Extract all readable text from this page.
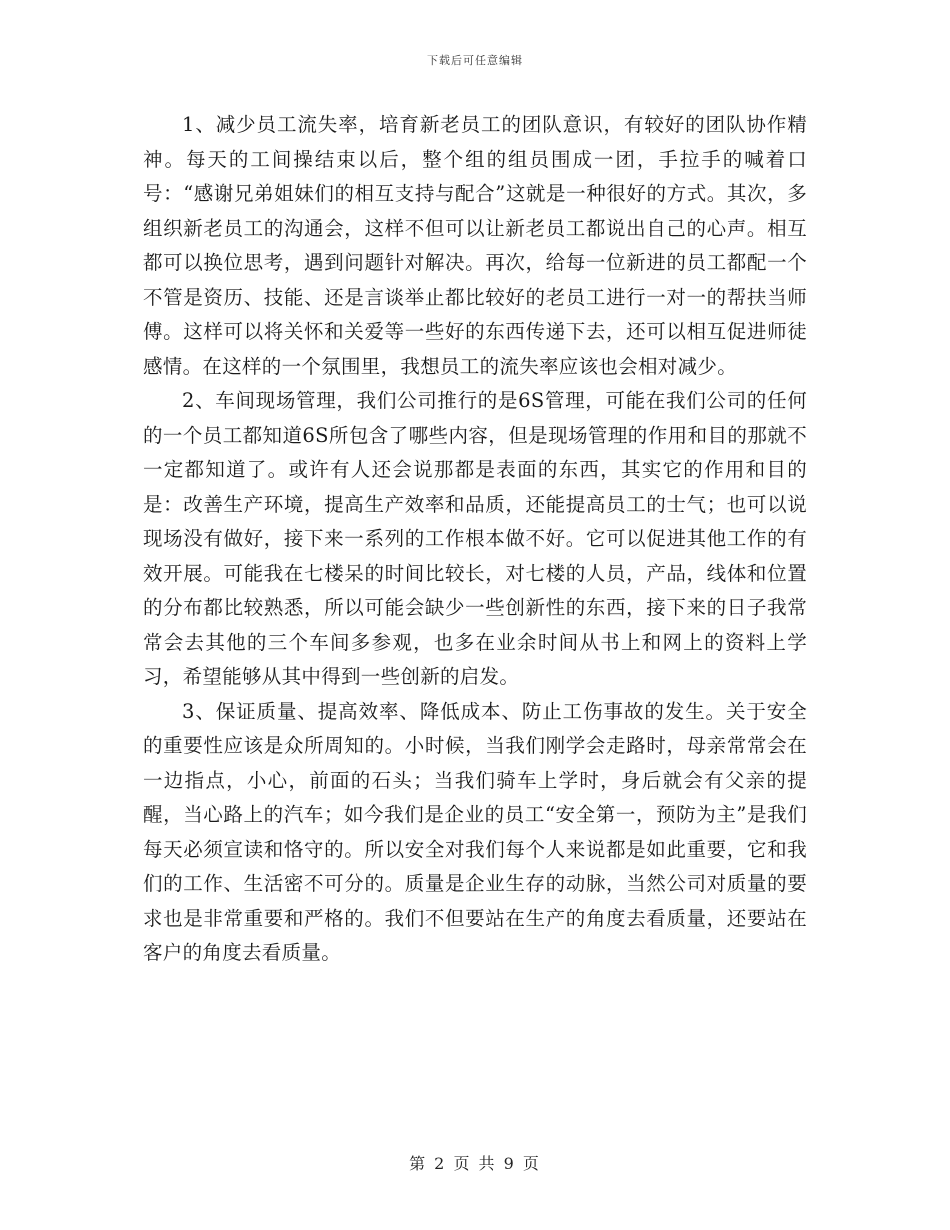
下载后可任意编辑

1、减少员工流失率，培育新老员工的团队意识，有较好的团队协作精神。每天的工间操结束以后，整个组的组员围成一团，手拉手的喊着口号：“感谢兄弟姐妹们的相互支持与配合”这就是一种很好的方式。其次，多组织新老员工的沟通会，这样不但可以让新老员工都说出自己的心声。相互都可以换位思考，遇到问题针对解决。再次，给每一位新进的员工都配一个不管是资历、技能、还是言谈举止都比较好的老员工进行一对一的帮扶当师傅。这样可以将关怀和关爱等一些好的东西传递下去，还可以相互促进师徒感情。在这样的一个氛围里，我想员工的流失率应该也会相对减少。

2、车间现场管理，我们公司推行的是6S管理，可能在我们公司的任何的一个员工都知道6S所包含了哪些内容，但是现场管理的作用和目的那就不一定都知道了。或许有人还会说那都是表面的东西，其实它的作用和目的是：改善生产环境，提高生产效率和品质，还能提高员工的士气；也可以说现场没有做好，接下来一系列的工作根本做不好。它可以促进其他工作的有效开展。可能我在七楼呆的时间比较长，对七楼的人员，产品，线体和位置的分布都比较熟悉，所以可能会缺少一些创新性的东西，接下来的日子我常常会去其他的三个车间多参观，也多在业余时间从书上和网上的资料上学习，希望能够从其中得到一些创新的启发。

3、保证质量、提高效率、降低成本、防止工伤事故的发生。关于安全的重要性应该是众所周知的。小时候，当我们刚学会走路时，母亲常常会在一边指点，小心，前面的石头；当我们骑车上学时，身后就会有父亲的提醒，当心路上的汽车；如今我们是企业的员工“安全第一，预防为主”是我们每天必须宣读和恪守的。所以安全对我们每个人来说都是如此重要，它和我们的工作、生活密不可分的。质量是企业生存的动脉，当然公司对质量的要求也是非常重要和严格的。我们不但要站在生产的角度去看质量，还要站在客户的角度去看质量。

第 2 页 共 9 页
